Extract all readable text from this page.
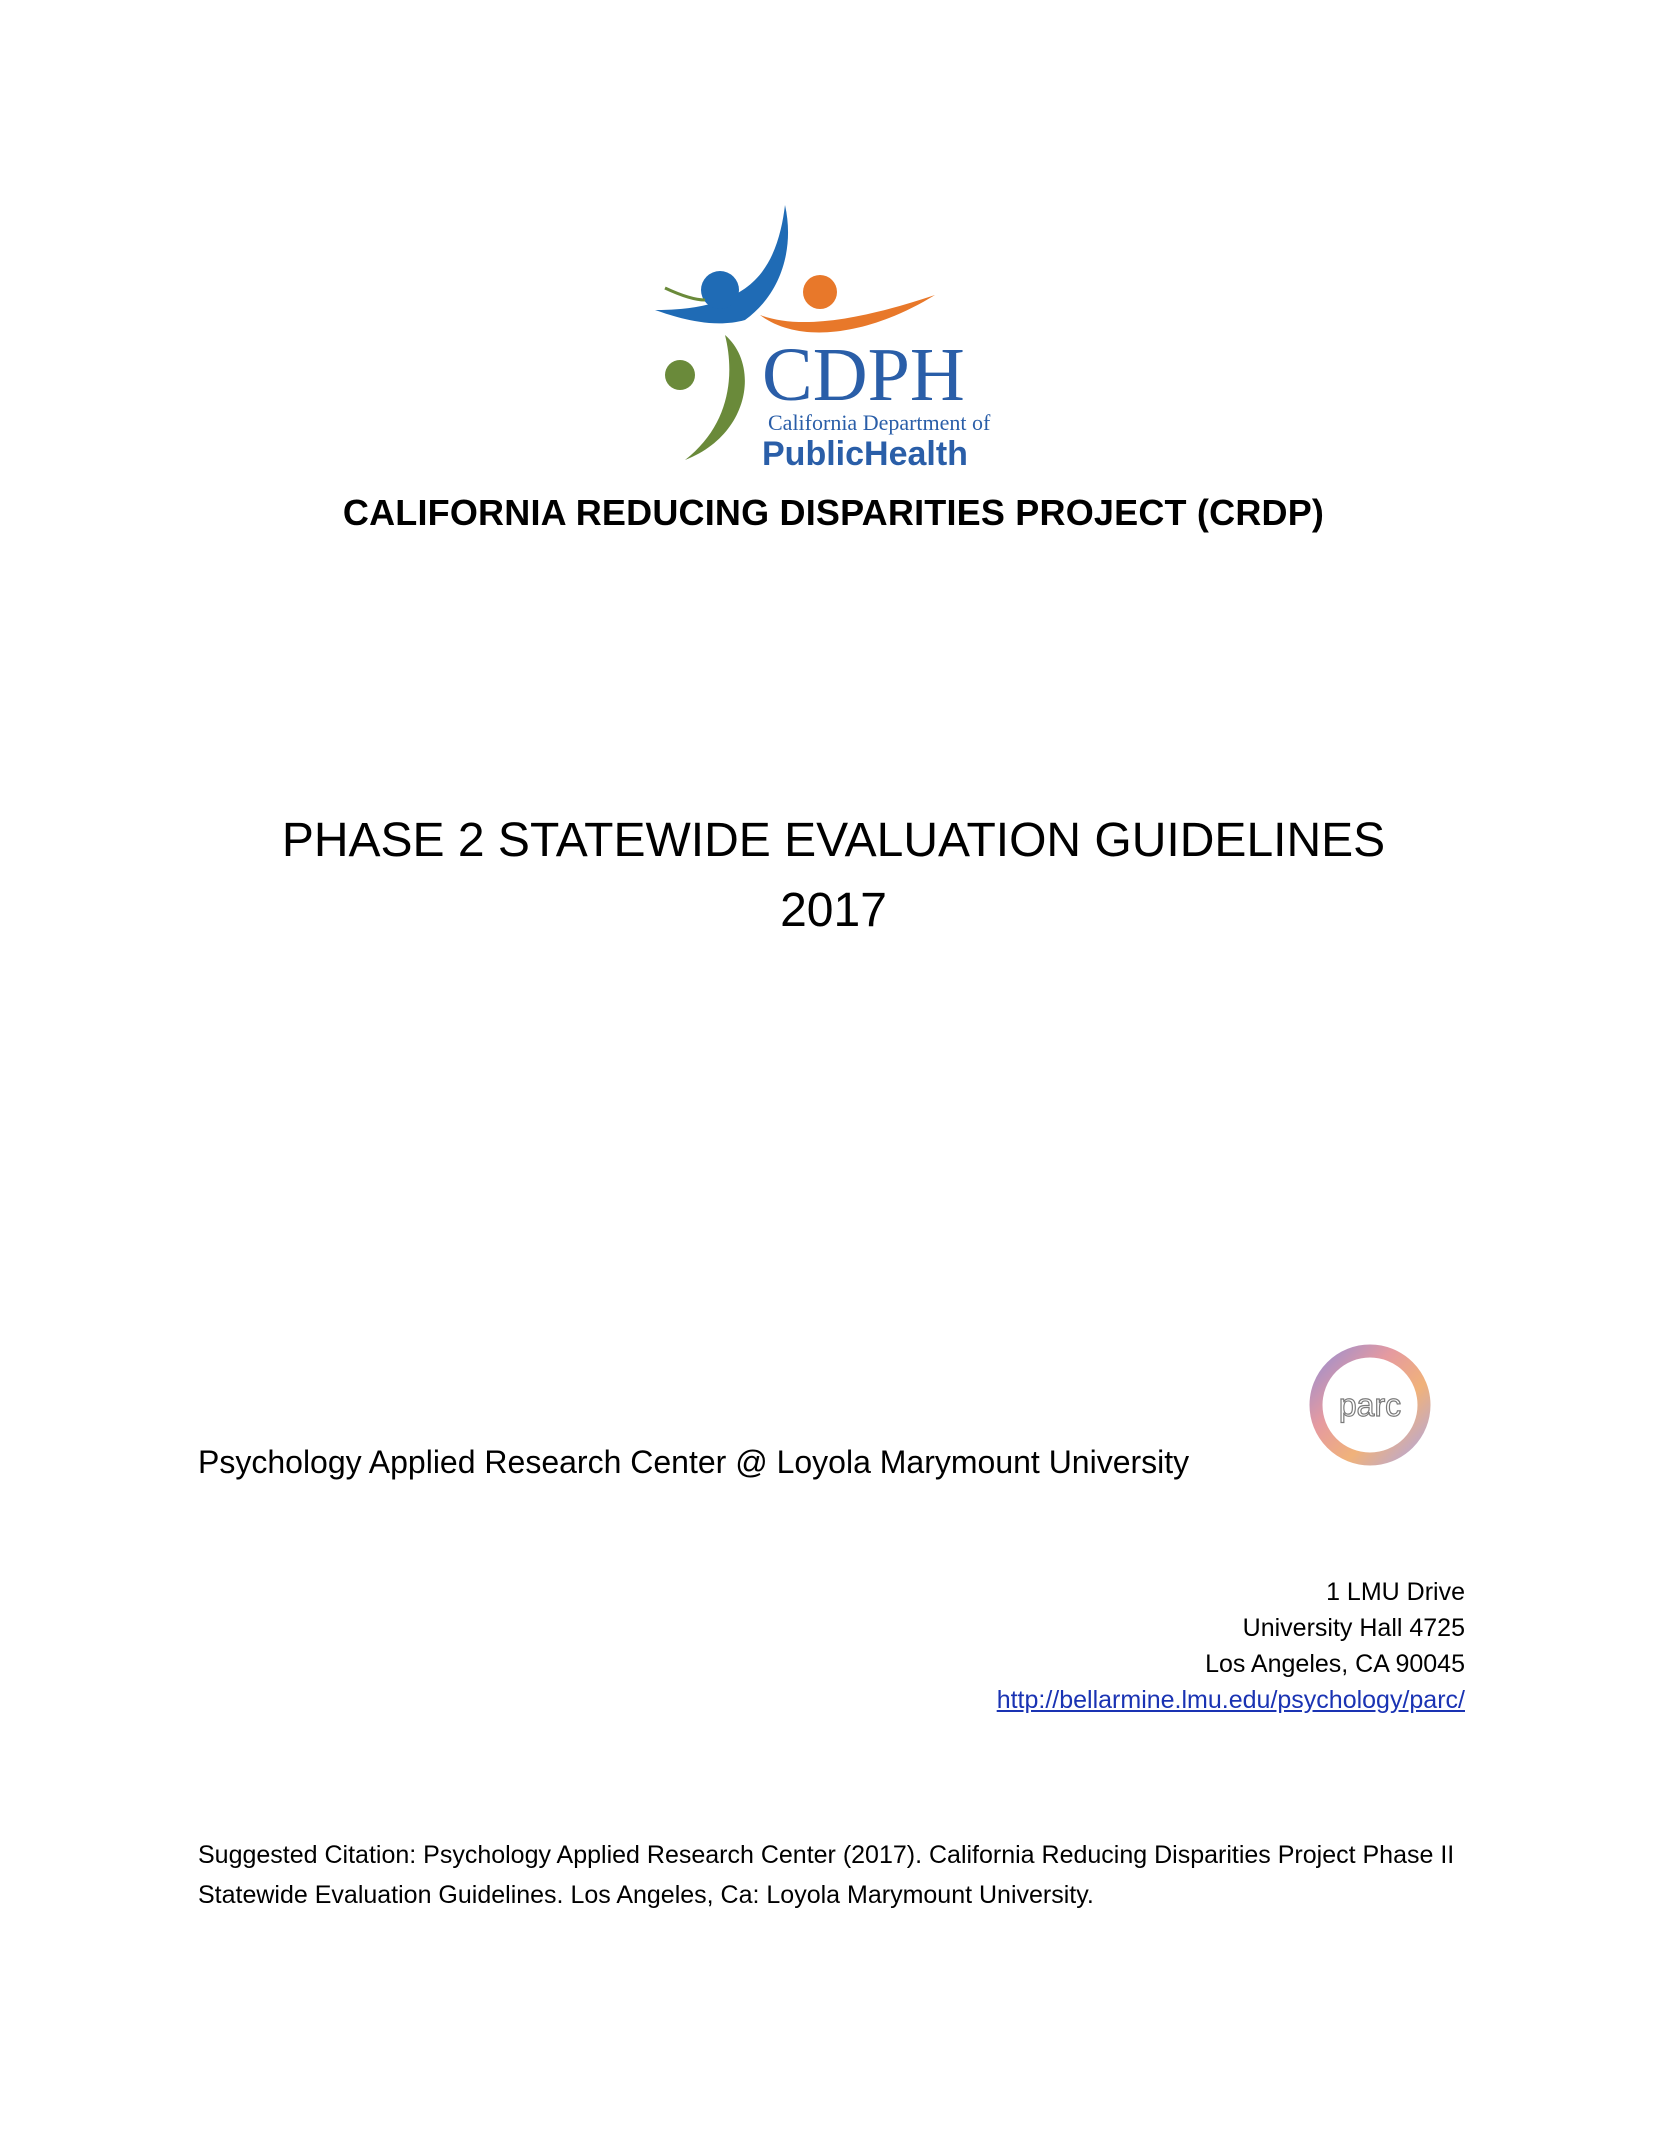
CDPH
California Department of
PublicHealth
CALIFORNIA REDUCING DISPARITIES PROJECT (CRDP)
PHASE 2 STATEWIDE EVALUATION GUIDELINES
2017
Psychology Applied Research Center @ Loyola Marymount University
parc
1 LMU Drive
University Hall 4725
Los Angeles, CA 90045
http://bellarmine.lmu.edu/psychology/parc/
Suggested Citation: Psychology Applied Research Center (2017). California Reducing Disparities Project Phase II
Statewide Evaluation Guidelines. Los Angeles, Ca: Loyola Marymount University.
